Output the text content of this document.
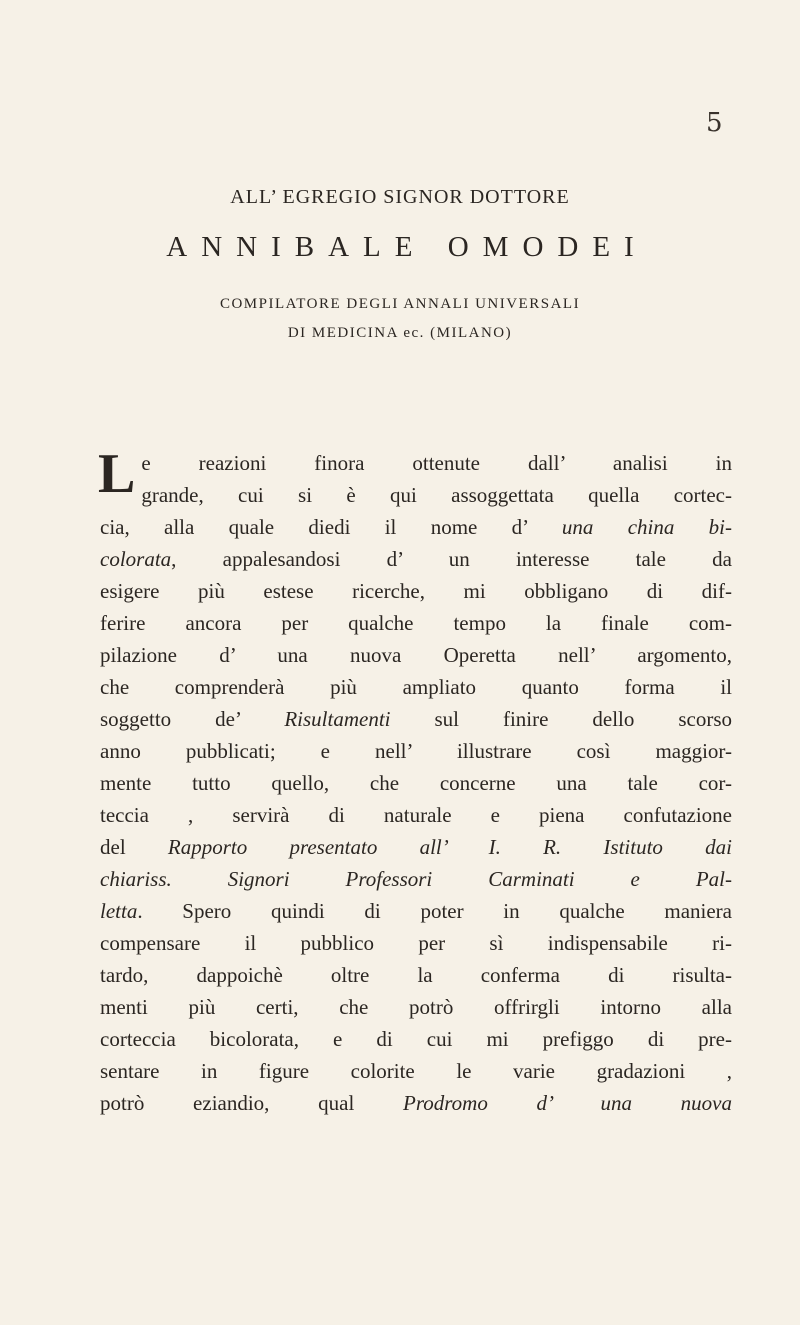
5
ALL’ EGREGIO SIGNOR DOTTORE
ANNIBALE OMODEI
COMPILATORE DEGLI ANNALI UNIVERSALI
DI MEDICINA ec. (MILANO)
L e reazioni finora ottenute dall’ analisi in
grande, cui si è qui assoggettata quella cortec-
cia, alla quale diedi il nome d’ una china bi-
colorata, appalesandosi d’ un interesse tale da
esigere più estese ricerche, mi obbligano di dif-
ferire ancora per qualche tempo la finale com-
pilazione d’ una nuova Operetta nell’ argomento,
che comprenderà più ampliato quanto forma il
soggetto de’ Risultamenti sul finire dello scorso
anno pubblicati; e nell’ illustrare così maggior-
mente tutto quello, che concerne una tale cor-
teccia , servirà di naturale e piena confutazione
del Rapporto presentato all’ I. R. Istituto dai
chiariss. Signori Professori Carminati e Pal-
letta. Spero quindi di poter in qualche maniera
compensare il pubblico per sì indispensabile ri-
tardo, dappoichè oltre la conferma di risulta-
menti più certi, che potrò offrirgli intorno alla
corteccia bicolorata, e di cui mi prefiggo di pre-
sentare in figure colorite le varie gradazioni ,
potrò eziandio, qual Prodromo d’ una nuova
